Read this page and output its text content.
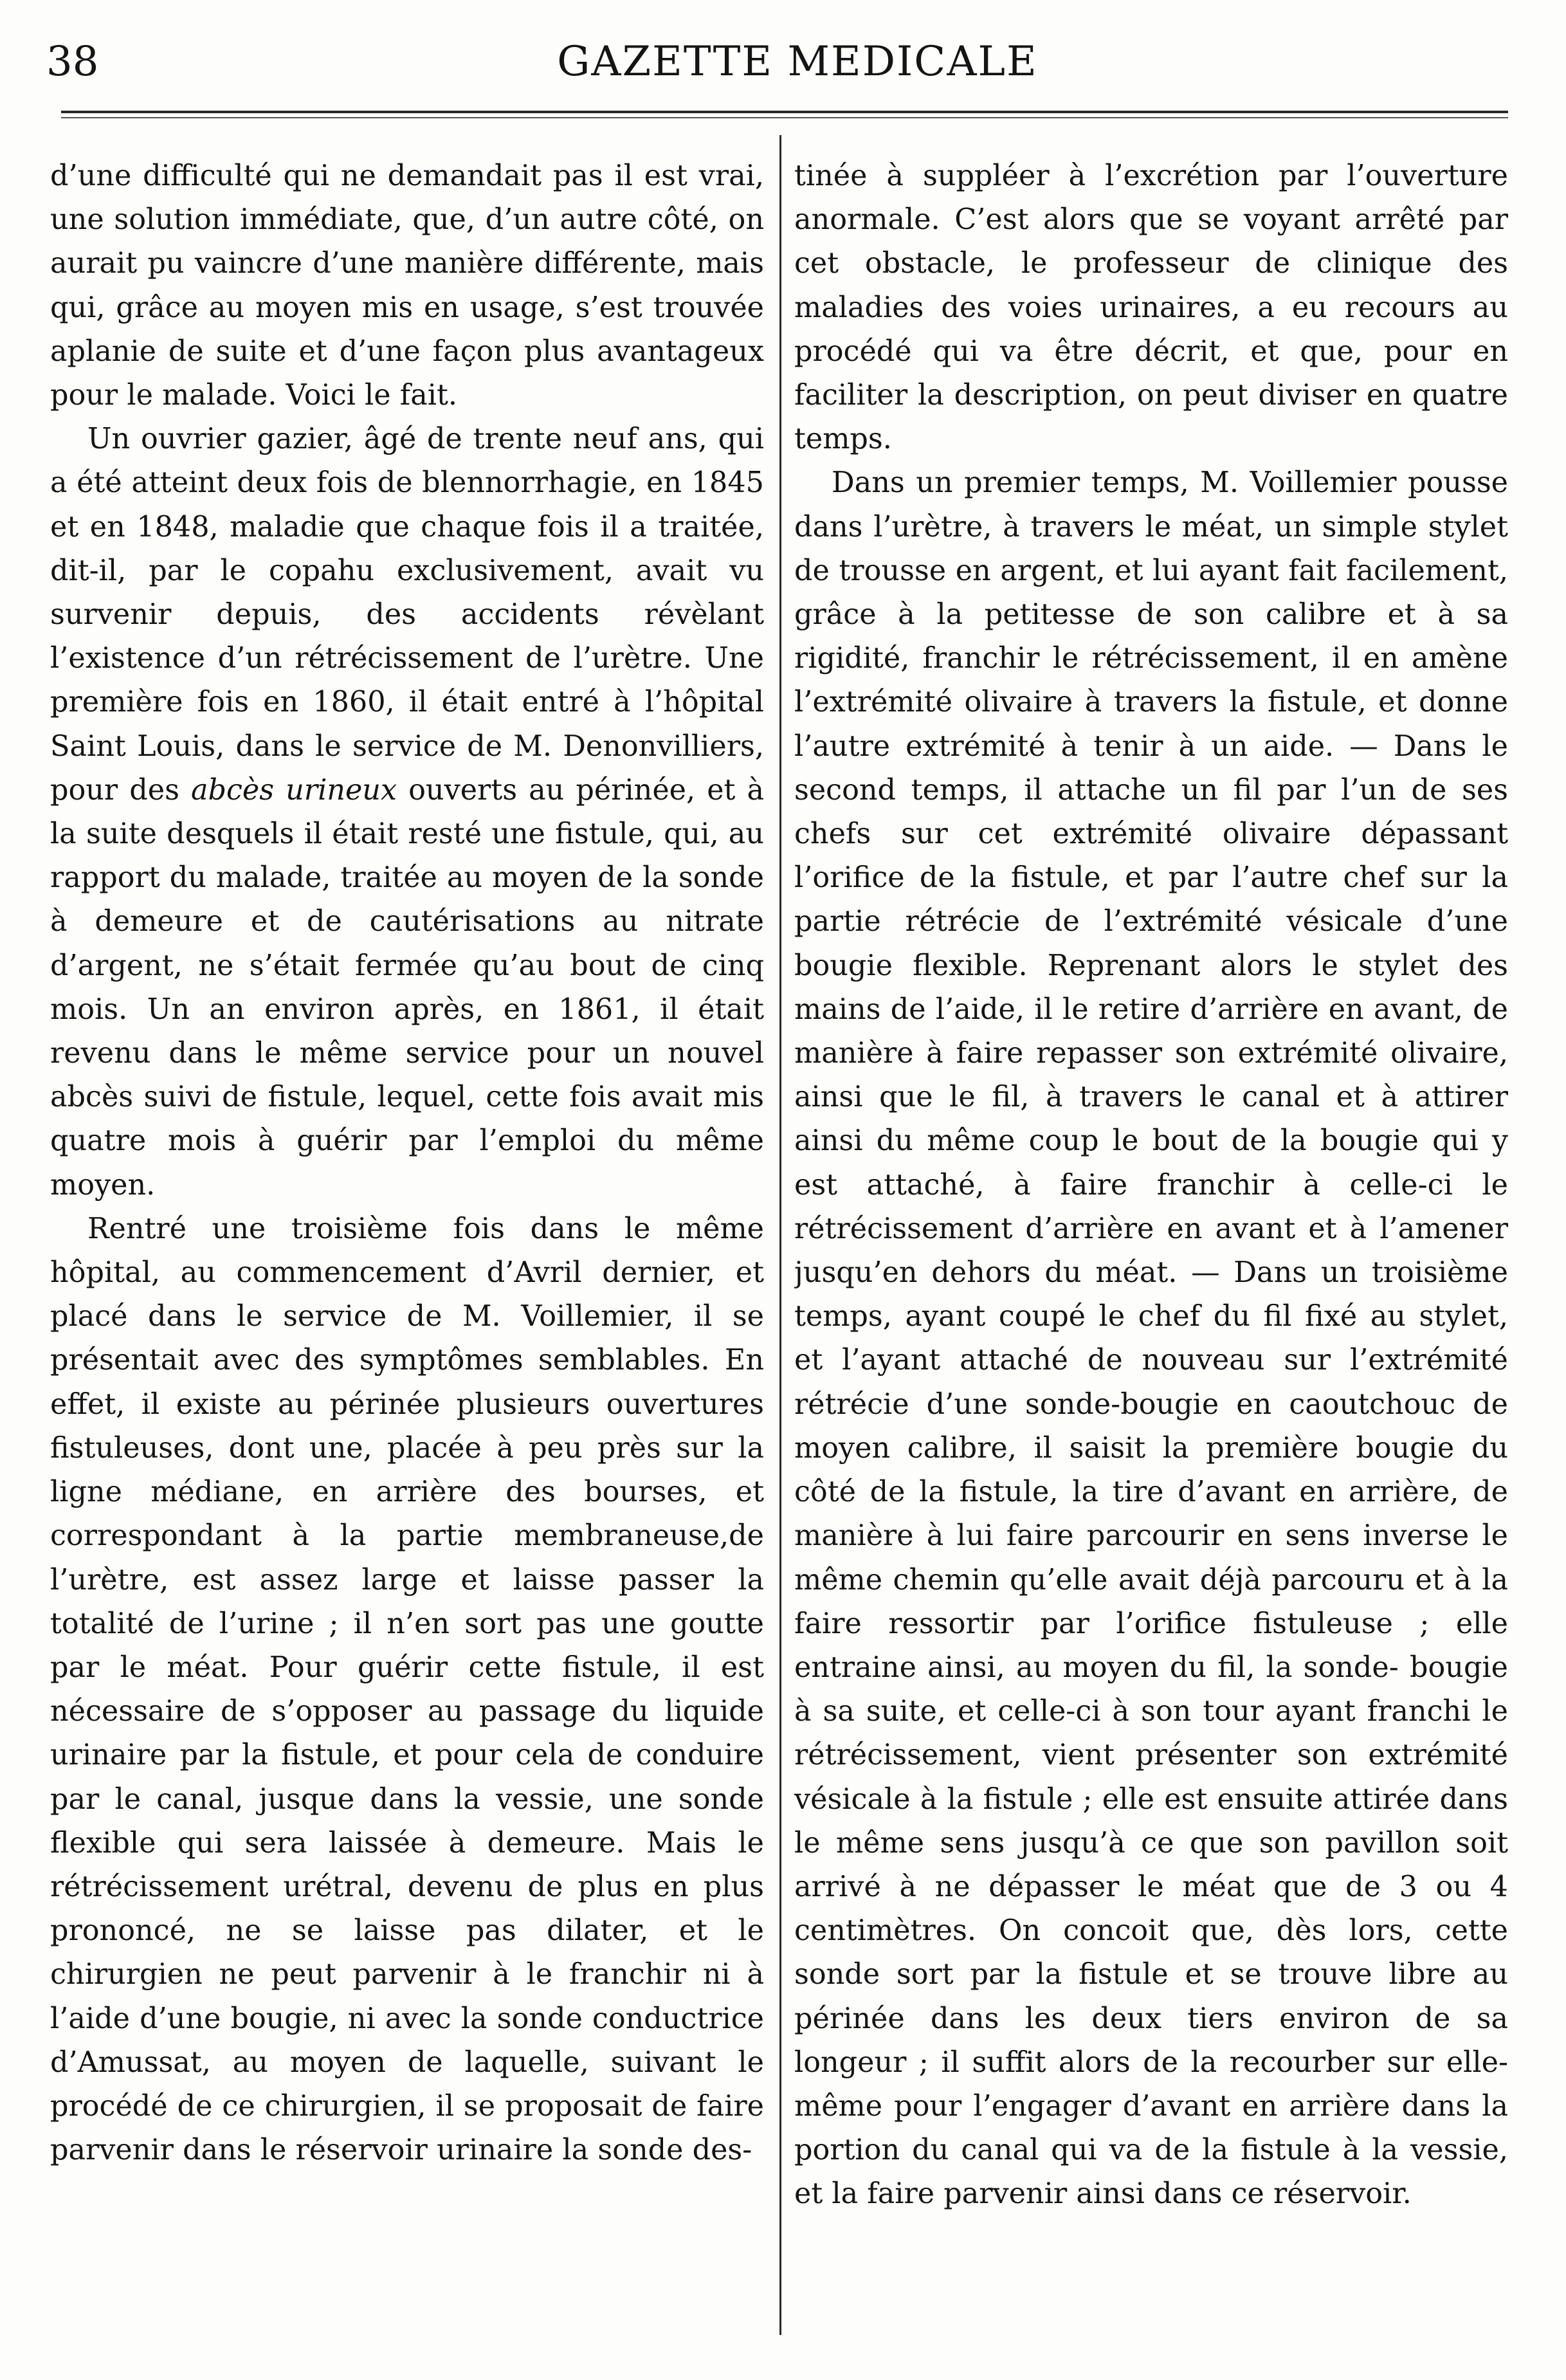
38	GAZETTE MEDICALE

d’une difficulté qui ne demandait pas il est vrai, une solution immédiate, que, d’un autre côté, on aurait pu vaincre d’une manière différente, mais qui, grâce au moyen mis en usage, s’est trouvée aplanie de suite et d’une façon plus avantageux pour le malade. Voici le fait.

Un ouvrier gazier, âgé de trente neuf ans, qui a été atteint deux fois de blennorrhagie, en 1845 et en 1848, maladie que chaque fois il a traitée, dit-il, par le copahu exclusivement, avait vu survenir depuis, des accidents révèlant l’existence d’un rétrécissement de l’urètre. Une première fois en 1860, il était entré à l’hôpital Saint Louis, dans le service de M. Denonvilliers, pour des abcès urineux ouverts au périnée, et à la suite desquels il était resté une fistule, qui, au rapport du malade, traitée au moyen de la sonde à demeure et de cautérisations au nitrate d’argent, ne s’était fermée qu’au bout de cinq mois. Un an environ après, en 1861, il était revenu dans le même service pour un nouvel abcès suivi de fistule, lequel, cette fois avait mis quatre mois à guérir par l’emploi du même moyen.

Rentré une troisième fois dans le même hôpital, au commencement d’Avril dernier, et placé dans le service de M. Voillemier, il se présentait avec des symptômes semblables. En effet, il existe au périnée plusieurs ouvertures fistuleuses, dont une, placée à peu près sur la ligne médiane, en arrière des bourses, et correspondant à la partie membraneuse,de l’urètre, est assez large et laisse passer la totalité de l’urine ; il n’en sort pas une goutte par le méat. Pour guérir cette fistule, il est nécessaire de s’opposer au passage du liquide urinaire par la fistule, et pour cela de conduire par le canal, jusque dans la vessie, une sonde flexible qui sera laissée à demeure. Mais le rétrécissement urétral, devenu de plus en plus prononcé, ne se laisse pas dilater, et le chirurgien ne peut parvenir à le franchir ni à l’aide d’une bougie, ni avec la sonde conductrice d’Amussat, au moyen de laquelle, suivant le procédé de ce chirurgien, il se proposait de faire parvenir dans le réservoir urinaire la sonde des-

tinée à suppléer à l’excrétion par l’ouverture anormale. C’est alors que se voyant arrêté par cet obstacle, le professeur de clinique des maladies des voies urinaires, a eu recours au procédé qui va être décrit, et que, pour en faciliter la description, on peut diviser en quatre temps.

Dans un premier temps, M. Voillemier pousse dans l’urètre, à travers le méat, un simple stylet de trousse en argent, et lui ayant fait facilement, grâce à la petitesse de son calibre et à sa rigidité, franchir le rétrécissement, il en amène l’extrémité olivaire à travers la fistule, et donne l’autre extrémité à tenir à un aide. — Dans le second temps, il attache un fil par l’un de ses chefs sur cet extrémité olivaire dépassant l’orifice de la fistule, et par l’autre chef sur la partie rétrécie de l’extrémité vésicale d’une bougie flexible. Reprenant alors le stylet des mains de l’aide, il le retire d’arrière en avant, de manière à faire repasser son extrémité olivaire, ainsi que le fil, à travers le canal et à attirer ainsi du même coup le bout de la bougie qui y est attaché, à faire franchir à celle-ci le rétrécissement d’arrière en avant et à l’amener jusqu’en dehors du méat. — Dans un troisième temps, ayant coupé le chef du fil fixé au stylet, et l’ayant attaché de nouveau sur l’extrémité rétrécie d’une sonde-bougie en caoutchouc de moyen calibre, il saisit la première bougie du côté de la fistule, la tire d’avant en arrière, de manière à lui faire parcourir en sens inverse le même chemin qu’elle avait déjà parcouru et à la faire ressortir par l’orifice fistuleuse ; elle entraine ainsi, au moyen du fil, la sonde- bougie à sa suite, et celle-ci à son tour ayant franchi le rétrécissement, vient présenter son extrémité vésicale à la fistule ; elle est ensuite attirée dans le même sens jusqu’à ce que son pavillon soit arrivé à ne dépasser le méat que de 3 ou 4 centimètres. On concoit que, dès lors, cette sonde sort par la fistule et se trouve libre au périnée dans les deux tiers environ de sa longeur ; il suffit alors de la recourber sur elle-même pour l’engager d’avant en arrière dans la portion du canal qui va de la fistule à la vessie, et la faire parvenir ainsi dans ce réservoir.
